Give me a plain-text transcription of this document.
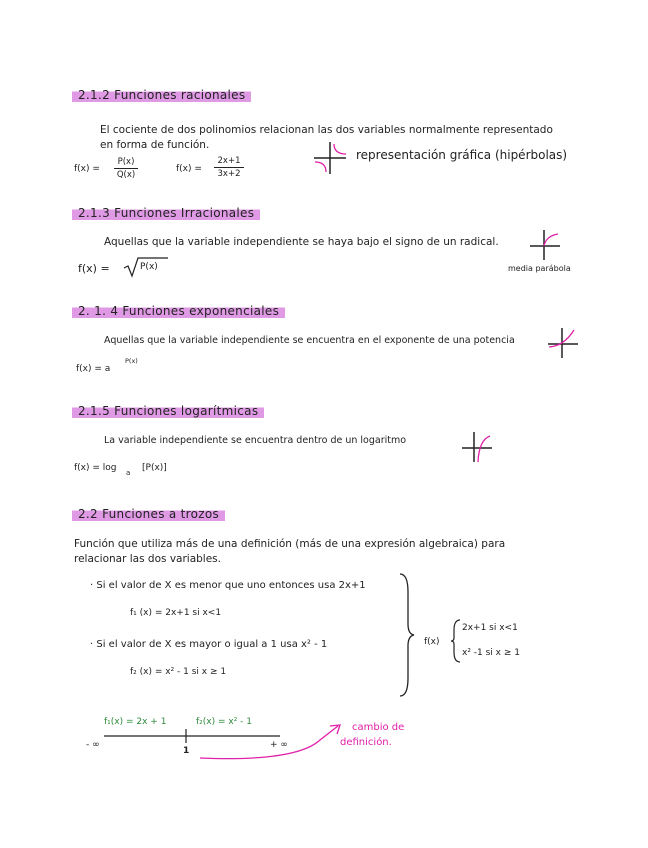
2.1.2 Funciones racionales
El cociente de dos polinomios relacionan las dos variables normalmente representado
en forma de función.
f(x) =
P(x)
Q(x)
f(x) =
2x+1
3x+2
representación gráfica (hipérbolas)
2.1.3 Funciones Irracionales
Aquellas que la variable independiente se haya bajo el signo de un radical.
f(x) =	P(x)	media parábola
2. 1. 4 Funciones exponenciales
Aquellas que la variable independiente se encuentra en el exponente de una potencia
f(x) = a
P(x)
2.1.5 Funciones logarítmicas
La variable independiente se encuentra dentro de un logaritmo
f(x) = log a [P(x)]
2.2 Funciones a trozos
Función que utiliza más de una definición (más de una expresión algebraica) para
relacionar las dos variables.
· Si el valor de X es menor que uno entonces usa 2x+1
f₁ (x) = 2x+1 si x<1
· Si el valor de X es mayor o igual a 1 usa x² - 1
f₂ (x) = x² - 1 si x ≥ 1
f(x)
2x+1 si x<1
x² -1 si x ≥ 1
f₁(x) = 2x + 1	f₂(x) = x² - 1
- ∞	+ ∞
1
cambio de
definición.
